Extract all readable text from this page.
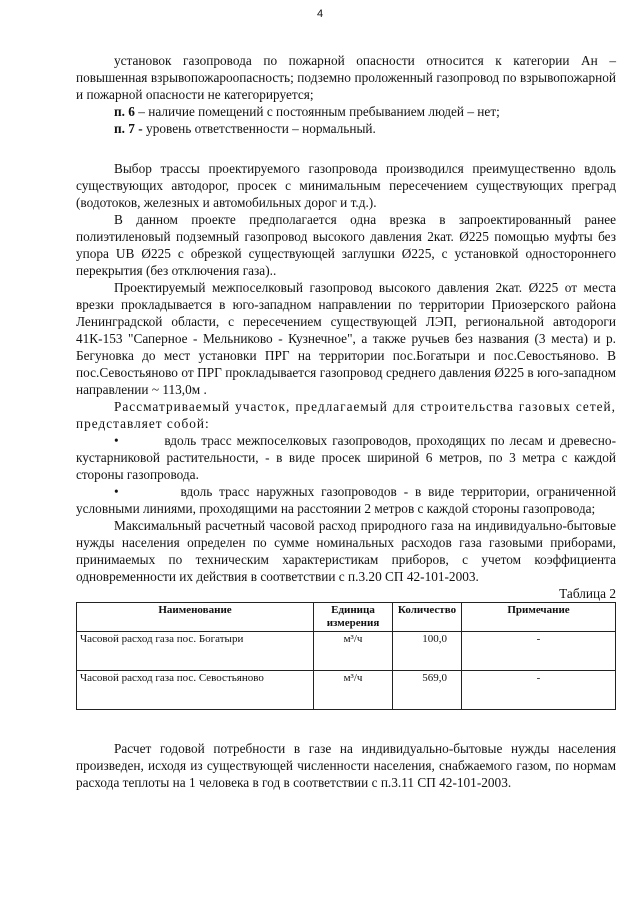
4

установок газопровода по пожарной опасности относится к категории Ан – повышенная взрывопожароопасность; подземно проложенный газопровод по взрывопожарной и пожарной опасности не категорируется;

п. 6 – наличие помещений с постоянным пребыванием людей – нет;

п. 7 - уровень ответственности – нормальный.

Выбор трассы проектируемого газопровода производился преимущественно вдоль существующих автодорог, просек с минимальным пересечением существующих преград (водотоков, железных и автомобильных дорог и т.д.).

В данном проекте предполагается одна врезка в запроектированный ранее полиэтиленовый подземный газопровод высокого давления 2кат. Ø225 помощью муфты без упора UB Ø225 с обрезкой существующей заглушки Ø225, с установкой одностороннего перекрытия (без отключения газа)..

Проектируемый межпоселковый газопровод высокого давления 2кат. Ø225 от места врезки прокладывается в юго-западном направлении по территории Приозерского района Ленинградской области, с пересечением существующей ЛЭП, региональной автодороги 41К-153 "Саперное - Мельниково - Кузнечное", а также ручьев без названия (3 места) и р. Бегуновка до мест установки ПРГ на территории пос.Богатыри и пос.Севостьяново. В пос.Севостьяново от ПРГ прокладывается газопровод среднего давления Ø225 в юго-западном направлении ~ 113,0м .

Рассматриваемый участок, предлагаемый для строительства газовых сетей, представляет собой:

•	вдоль трасс межпоселковых газопроводов, проходящих по лесам и древесно-кустарниковой растительности, - в виде просек шириной 6 метров, по 3 метра с каждой стороны газопровода.

•	вдоль трасс наружных газопроводов - в виде территории, ограниченной условными линиями, проходящими на расстоянии 2 метров с каждой стороны газопровода;

Максимальный расчетный часовой расход природного газа на индивидуально-бытовые нужды населения определен по сумме номинальных расходов газа газовыми приборами, принимаемых по техническим характеристикам приборов, с учетом коэффициента одновременности их действия в соответствии с п.3.20 СП 42-101-2003.

Таблица 2

Наименование	Единица измерения	Количество	Примечание
Часовой расход газа пос. Богатыри	м³/ч	100,0	-
Часовой расход газа пос. Севостьяново	м³/ч	569,0	-

Расчет годовой потребности в газе на индивидуально-бытовые нужды населения произведен, исходя из существующей численности населения, снабжаемого газом, по нормам расхода теплоты на 1 человека в год в соответствии с п.3.11 СП 42-101-2003.
